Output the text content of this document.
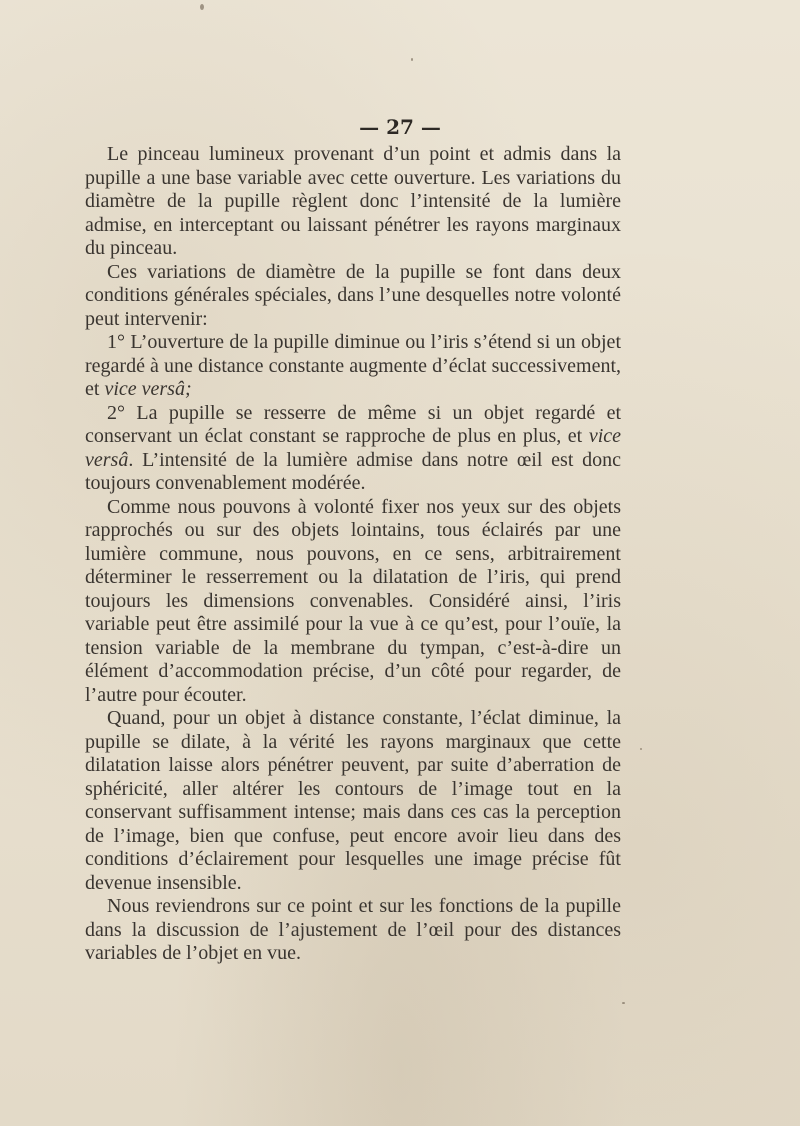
— 27 —

Le pinceau lumineux provenant d’un point et admis dans la pupille a une base variable avec cette ouverture. Les variations du diamètre de la pupille règlent donc l’intensité de la lumière admise, en interceptant ou laissant pénétrer les rayons marginaux du pinceau.

Ces variations de diamètre de la pupille se font dans deux conditions générales spéciales, dans l’une desquelles notre volonté peut intervenir:

1° L’ouverture de la pupille diminue ou l’iris s’étend si un objet regardé à une distance constante augmente d’éclat successivement, et vice versâ;

2° La pupille se resserre de même si un objet regardé et conservant un éclat constant se rapproche de plus en plus, et vice versâ. L’intensité de la lumière admise dans notre œil est donc toujours convenablement modérée.

Comme nous pouvons à volonté fixer nos yeux sur des objets rapprochés ou sur des objets lointains, tous éclairés par une lumière commune, nous pouvons, en ce sens, arbitrairement déterminer le resserrement ou la dilatation de l’iris, qui prend toujours les dimensions convenables. Considéré ainsi, l’iris variable peut être assimilé pour la vue à ce qu’est, pour l’ouïe, la tension variable de la membrane du tympan, c’est-à-dire un élément d’accommodation précise, d’un côté pour regarder, de l’autre pour écouter.

Quand, pour un objet à distance constante, l’éclat diminue, la pupille se dilate, à la vérité les rayons marginaux que cette dilatation laisse alors pénétrer peuvent, par suite d’aberration de sphéricité, aller altérer les contours de l’image tout en la conservant suffisamment intense; mais dans ces cas la perception de l’image, bien que confuse, peut encore avoir lieu dans des conditions d’éclairement pour lesquelles une image précise fût devenue insensible.

Nous reviendrons sur ce point et sur les fonctions de la pupille dans la discussion de l’ajustement de l’œil pour des distances variables de l’objet en vue.
